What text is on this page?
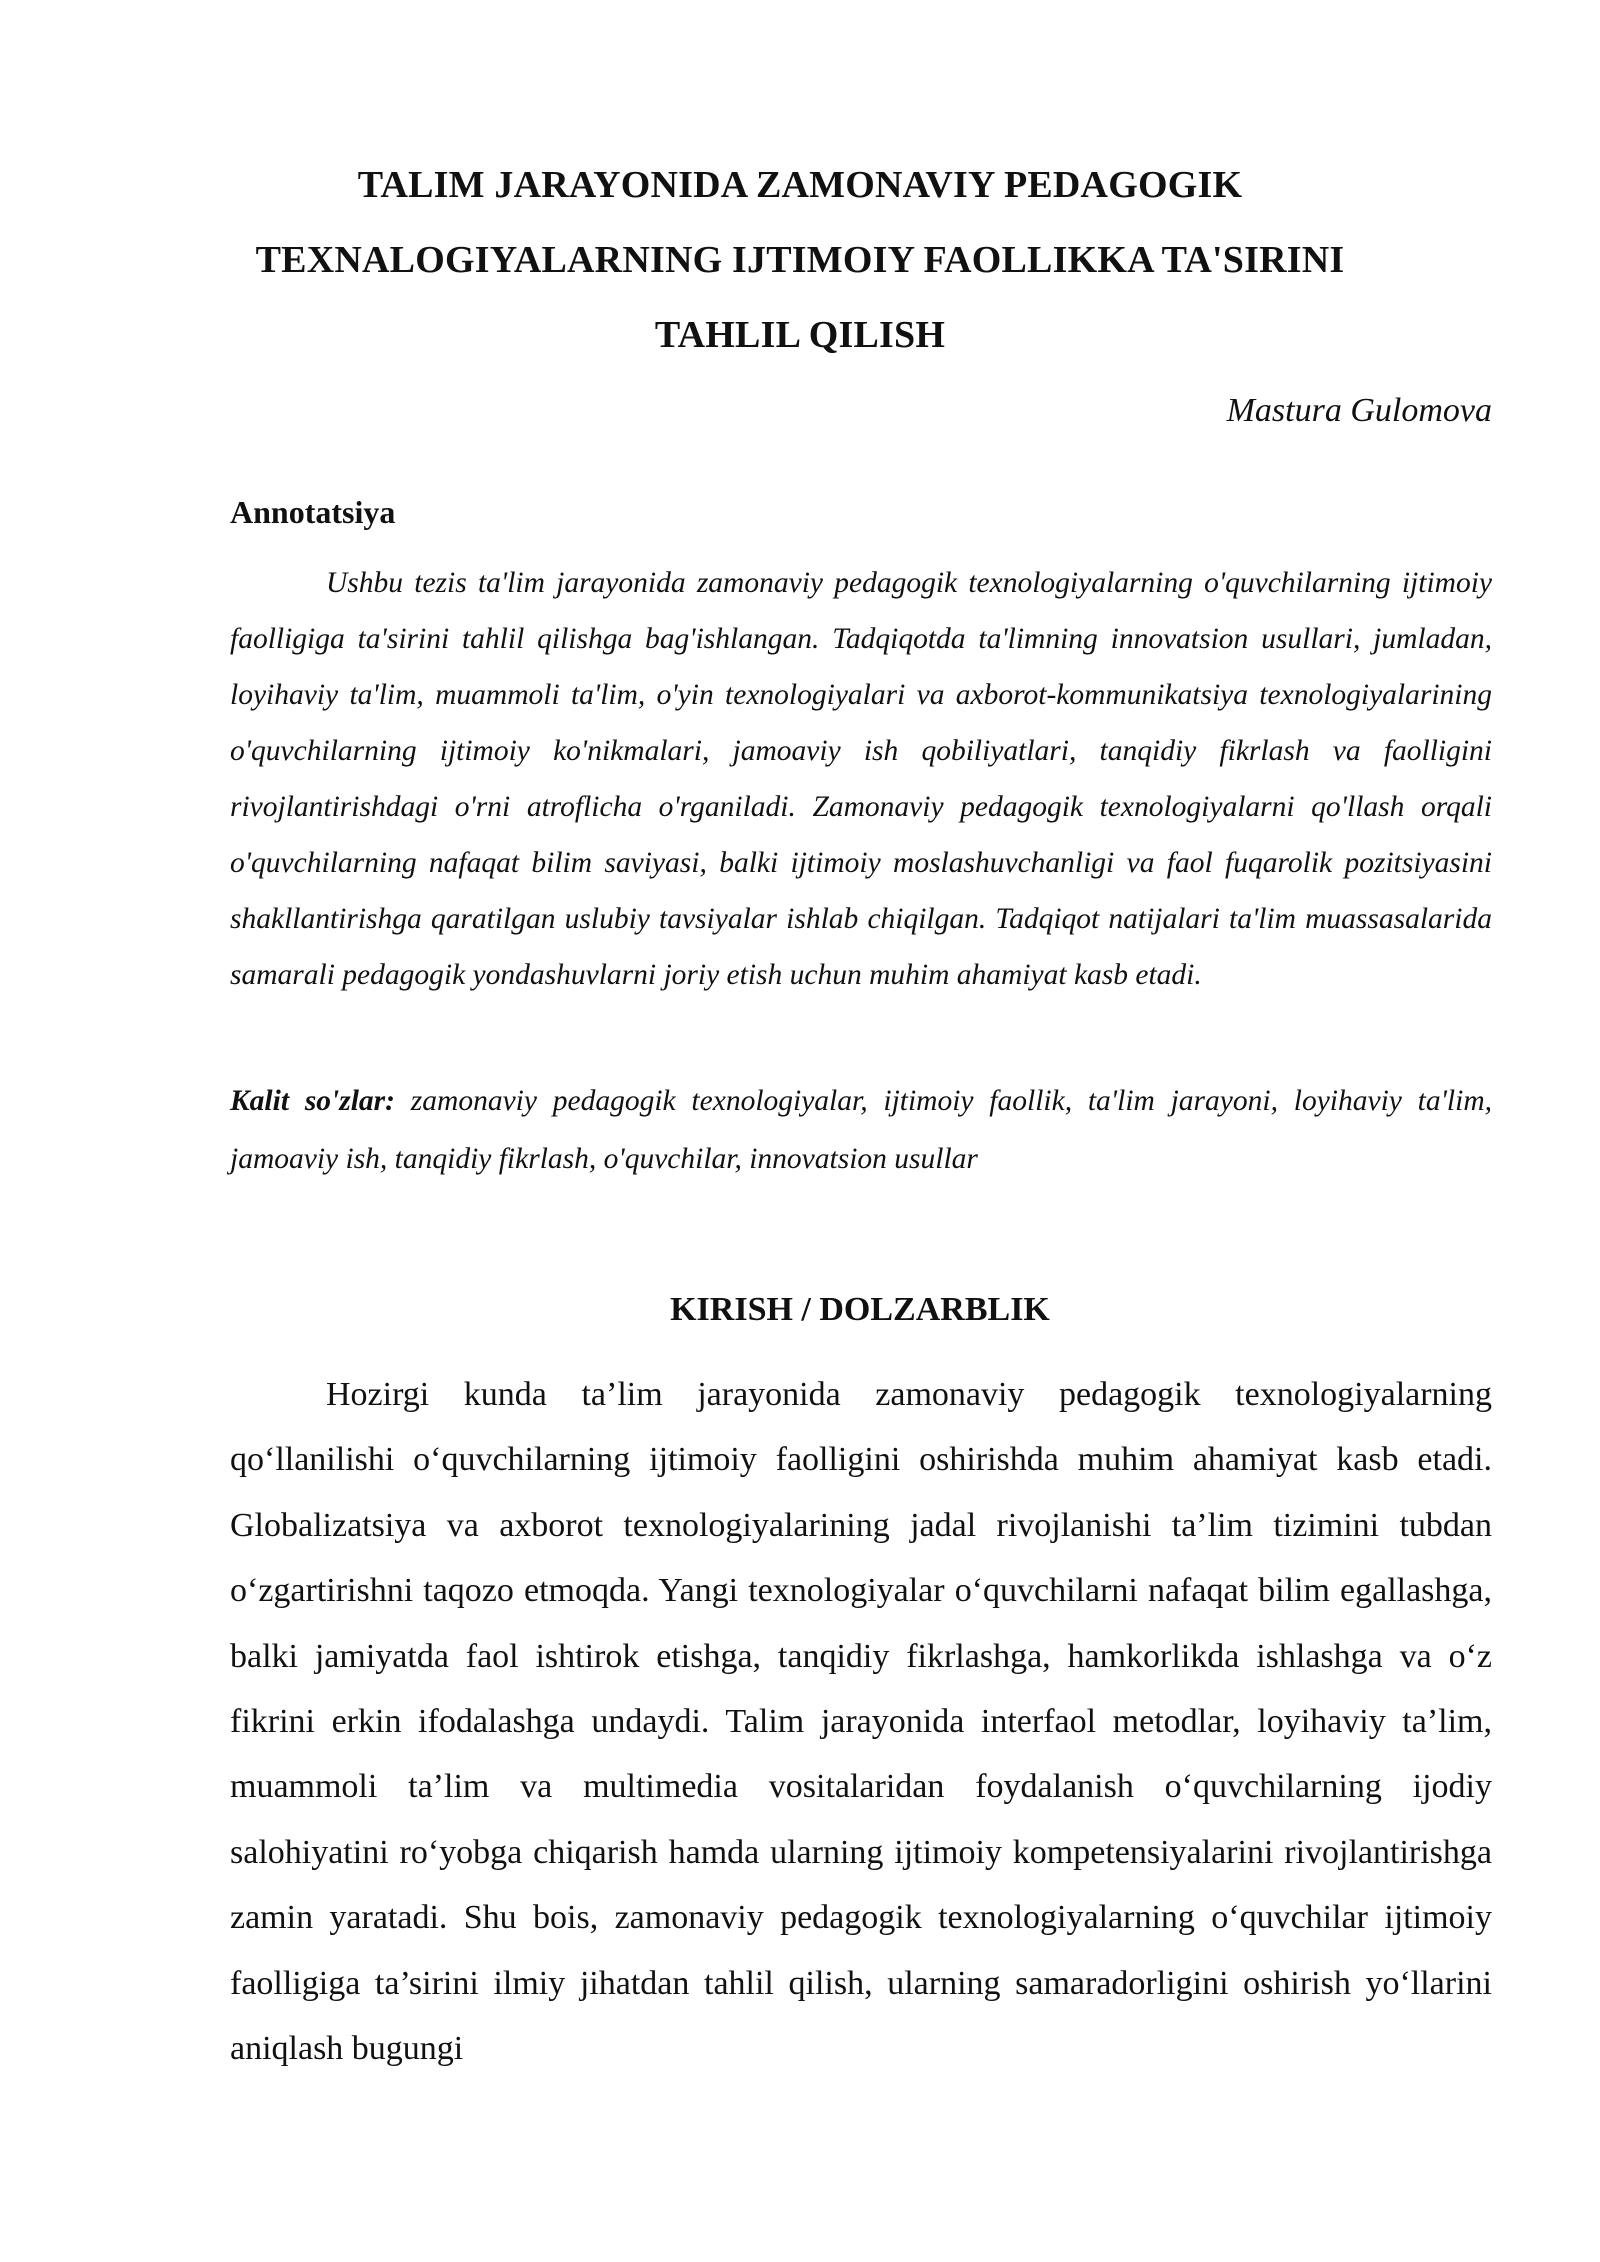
TALIM JARAYONIDA ZAMONAVIY PEDAGOGIK
TEXNALOGIYALARNING IJTIMOIY FAOLLIKKA TA'SIRINI
TAHLIL QILISH

Mastura Gulomova

Annotatsiya

Ushbu tezis ta'lim jarayonida zamonaviy pedagogik texnologiyalarning o'quvchilarning ijtimoiy faolligiga ta'sirini tahlil qilishga bag'ishlangan. Tadqiqotda ta'limning innovatsion usullari, jumladan, loyihaviy ta'lim, muammoli ta'lim, o'yin texnologiyalari va axborot-kommunikatsiya texnologiyalarining o'quvchilarning ijtimoiy ko'nikmalari, jamoaviy ish qobiliyatlari, tanqidiy fikrlash va faolligini rivojlantirishdagi o'rni atroflicha o'rganiladi. Zamonaviy pedagogik texnologiyalarni qo'llash orqali o'quvchilarning nafaqat bilim saviyasi, balki ijtimoiy moslashuvchanligi va faol fuqarolik pozitsiyasini shakllantirishga qaratilgan uslubiy tavsiyalar ishlab chiqilgan. Tadqiqot natijalari ta'lim muassasalarida samarali pedagogik yondashuvlarni joriy etish uchun muhim ahamiyat kasb etadi.

Kalit so'zlar: zamonaviy pedagogik texnologiyalar, ijtimoiy faollik, ta'lim jarayoni, loyihaviy ta'lim, jamoaviy ish, tanqidiy fikrlash, o'quvchilar, innovatsion usullar

KIRISH / DOLZARBLIK

Hozirgi kunda ta’lim jarayonida zamonaviy pedagogik texnologiyalarning qo‘llanilishi o‘quvchilarning ijtimoiy faolligini oshirishda muhim ahamiyat kasb etadi. Globalizatsiya va axborot texnologiyalarining jadal rivojlanishi ta’lim tizimini tubdan o‘zgartirishni taqozo etmoqda. Yangi texnologiyalar o‘quvchilarni nafaqat bilim egallashga, balki jamiyatda faol ishtirok etishga, tanqidiy fikrlashga, hamkorlikda ishlashga va o‘z fikrini erkin ifodalashga undaydi. Talim jarayonida interfaol metodlar, loyihaviy ta’lim, muammoli ta’lim va multimedia vositalaridan foydalanish o‘quvchilarning ijodiy salohiyatini ro‘yobga chiqarish hamda ularning ijtimoiy kompetensiyalarini rivojlantirishga zamin yaratadi. Shu bois, zamonaviy pedagogik texnologiyalarning o‘quvchilar ijtimoiy faolligiga ta’sirini ilmiy jihatdan tahlil qilish, ularning samaradorligini oshirish yo‘llarini aniqlash bugungi
